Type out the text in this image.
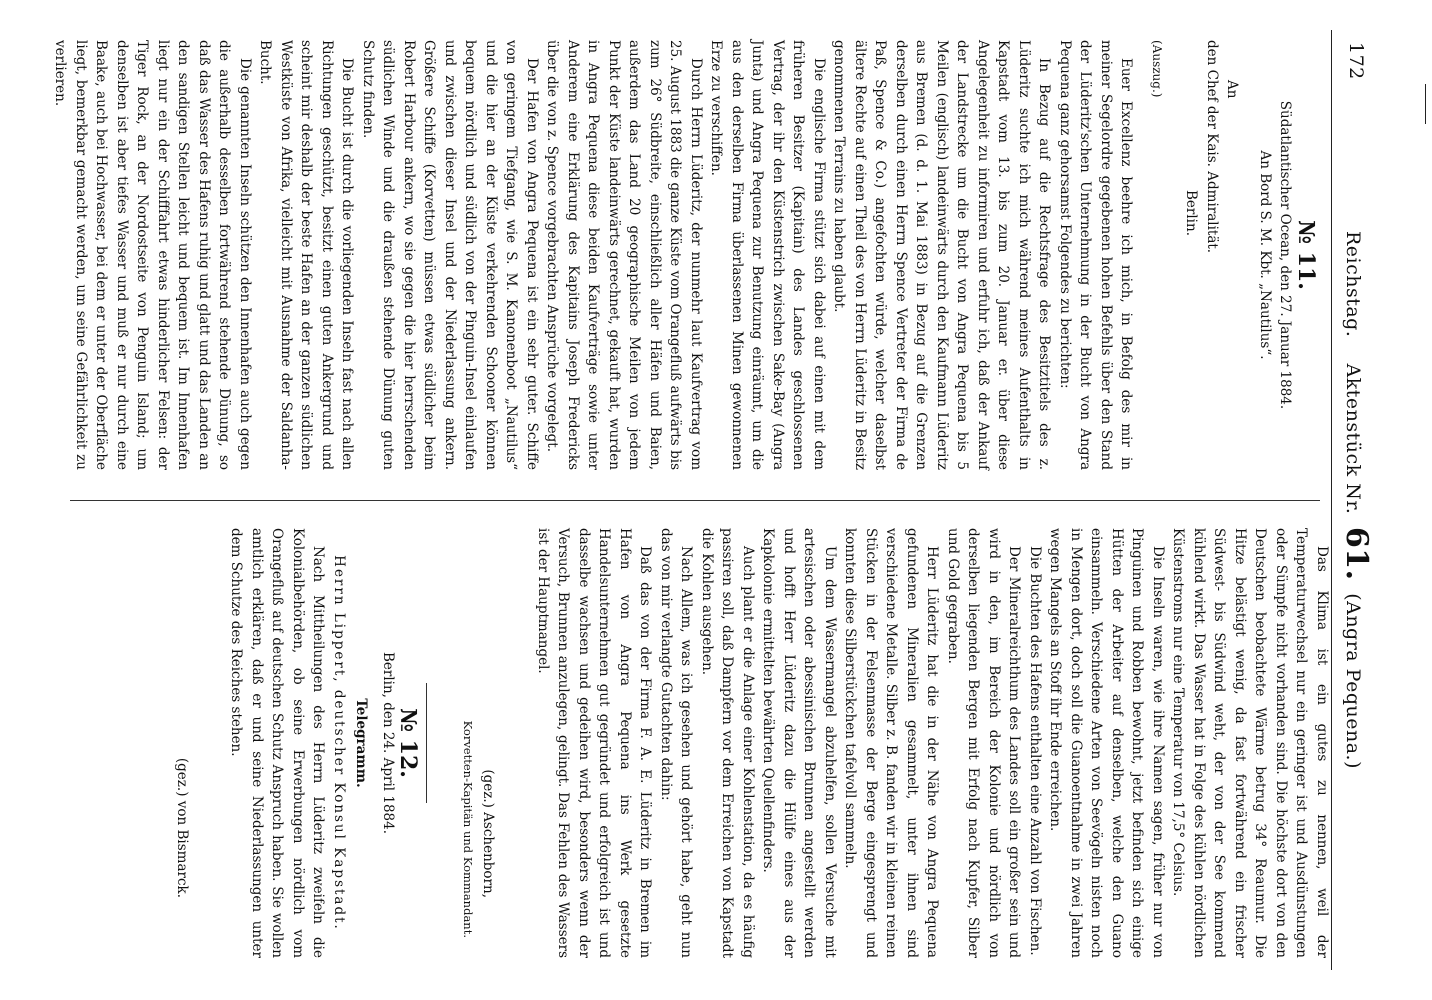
172
Reichstag.    Aktenstück Nr. 61. (Angra Pequena.)

№ 11.

Südatlantischer Ocean, den 27. Januar 1884.

An Bord S. M. Kbt. „Nautilus“.

An

den Chef der Kais. Admiralität.

Berlin.

(Auszug.)

Euer Excellenz beehre ich mich, in Befolg des mir in meiner Segelordre gegebenen hohen Befehls über den Stand der Lüderitz'schen Unternehmung in der Bucht von Angra Pequena ganz gehorsamst Folgendes zu berichten:

In Bezug auf die Rechtsfrage des Besitztitels des z. Lüderitz suchte ich mich während meines Aufenthalts in Kapstadt vom 13. bis zum 20. Januar er. über diese Angelegenheit zu informiren und erfuhr ich, daß der Ankauf der Landstrecke um die Bucht von Angra Pequena bis 5 Meilen (englisch) landeinwärts durch den Kaufmann Lüderitz aus Bremen (d. d. 1. Mai 1883) in Bezug auf die Grenzen derselben durch einen Herrn Spence Vertreter der Firma de Paß, Spence & Co.) angefochten würde, welcher daselbst ältere Rechte auf einen Theil des von Herrn Lüderitz in Besitz genommenen Terrains zu haben glaubt.

Die englische Firma stützt sich dabei auf einen mit dem früheren Besitzer (Kapitain) des Landes geschlossenen Vertrag, der ihr den Küstenstrich zwischen Sake-Bay (Angra Junta) und Angra Pequena zur Benutzung einräumt, um die aus den derselben Firma überlassenen Minen gewonnenen Erze zu verschiffen.

Durch Herrn Lüderitz, der nunmehr laut Kaufvertrag vom 25. August 1883 die ganze Küste vom Orangefluß aufwärts bis zum 26° Südbreite, einschließlich aller Häfen und Baien, außerdem das Land 20 geographische Meilen von jedem Punkt der Küste landeinwärts gerechnet, gekauft hat, wurden in Angra Pequena diese beiden Kaufverträge sowie unter Anderem eine Erklärung des Kapitains Joseph Fredericks über die von z. Spence vorgebrachten Ansprüche vorgelegt.

Der Hafen von Angra Pequena ist ein sehr guter. Schiffe von geringem Tiefgang, wie S. M. Kanonenboot „Nautilus“ und die hier an der Küste verkehrenden Schooner können bequem nördlich und südlich von der Pinguin-Insel einlaufen und zwischen dieser Insel und der Niederlassung ankern. Größere Schiffe (Korvetten) müssen etwas südlicher beim Robert Harbour ankern, wo sie gegen die hier herrschenden südlichen Winde und die draußen stehende Dünung guten Schutz finden.

Die Bucht ist durch die vorliegenden Inseln fast nach allen Richtungen geschützt, besitzt einen guten Ankergrund und scheint mir deshalb der beste Hafen an der ganzen südlichen Westküste von Afrika, vielleicht mit Ausnahme der Saldanha-Bucht.

Die genannten Inseln schützen den Innenhafen auch gegen die außerhalb desselben fortwährend stehende Dünung, so daß das Wasser des Hafens ruhig und glatt und das Landen an den sandigen Stellen leicht und bequem ist. Im Innenhafen liegt nur ein der Schifffahrt etwas hinderlicher Felsen: der Tiger Rock, an der Nordostseite von Penguin Island; um denselben ist aber tiefes Wasser und muß er nur durch eine Baake, auch bei Hochwasser, bei dem er unter der Oberfläche liegt, bemerkbar gemacht werden, um seine Gefährlichkeit zu verlieren.

Das Klima ist ein gutes zu nennen, weil der Temperaturwechsel nur ein geringer ist und Ausdünstungen oder Sümpfe nicht vorhanden sind. Die höchste dort von den Deutschen beobachtete Wärme betrug 34° Reaumur. Die Hitze belästigt wenig, da fast fortwährend ein frischer Südwest- bis Südwind weht, der von der See kommend kühlend wirkt. Das Wasser hat in Folge des kühlen nördlichen Küstenstroms nur eine Temperatur von 17,5° Celsius.

Die Inseln waren, wie ihre Namen sagen, früher nur von Pinguinen und Robben bewohnt, jetzt befinden sich einige Hütten der Arbeiter auf denselben, welche den Guano einsammeln. Verschiedene Arten von Seevögeln nisten noch in Mengen dort, doch soll die Guanoentnahme in zwei Jahren wegen Mangels an Stoff ihr Ende erreichen.

Die Buchten des Hafens enthalten eine Anzahl von Fischen.

Der Mineralreichthum des Landes soll ein großer sein und wird in den, im Bereich der Kolonie und nördlich von derselben liegenden Bergen mit Erfolg nach Kupfer, Silber und Gold gegraben.

Herr Lüderitz hat die in der Nähe von Angra Pequena gefundenen Mineralien gesammelt, unter ihnen sind verschiedene Metalle. Silber z. B. fanden wir in kleinen reinen Stücken in der Felsenmasse der Berge eingesprengt und konnten diese Silberstückchen tafelvoll sammeln.

Um dem Wassermangel abzuhelfen, sollen Versuche mit artesischen oder abessinischen Brunnen angestellt werden und hofft Herr Lüderitz dazu die Hülfe eines aus der Kapkolonie ermittelten bewährten Quellenfinders.

Auch plant er die Anlage einer Kohlenstation, da es häufig passiren soll, daß Dampfern vor dem Erreichen von Kapstadt die Kohlen ausgehen.

Nach Allem, was ich gesehen und gehört habe, geht nun das von mir verlangte Gutachten dahin:

Daß das von der Firma F. A. E. Lüderitz in Bremen im Hafen von Angra Pequena ins Werk gesetzte Handelsunternehmen gut gegründet und erfolgreich ist und dasselbe wachsen und gedeihen wird, besonders wenn der Versuch, Brunnen anzulegen, gelingt. Das Fehlen des Wassers ist der Hauptmangel.

(gez.) Aschenborn,

Korvetten-Kapitän und Kommandant.

№ 12.

Berlin, den 24. April 1884.

Telegramm.

Herrn Lippert, deutscher Konsul Kapstadt.

Nach Mittheilungen des Herrn Lüderitz zweifeln die Kolonialbehörden, ob seine Erwerbungen nördlich vom Orangefluß auf deutschen Schutz Anspruch haben. Sie wollen amtlich erklären, daß er und seine Niederlassungen unter dem Schutze des Reiches stehen.

(gez.) von Bismarck.
